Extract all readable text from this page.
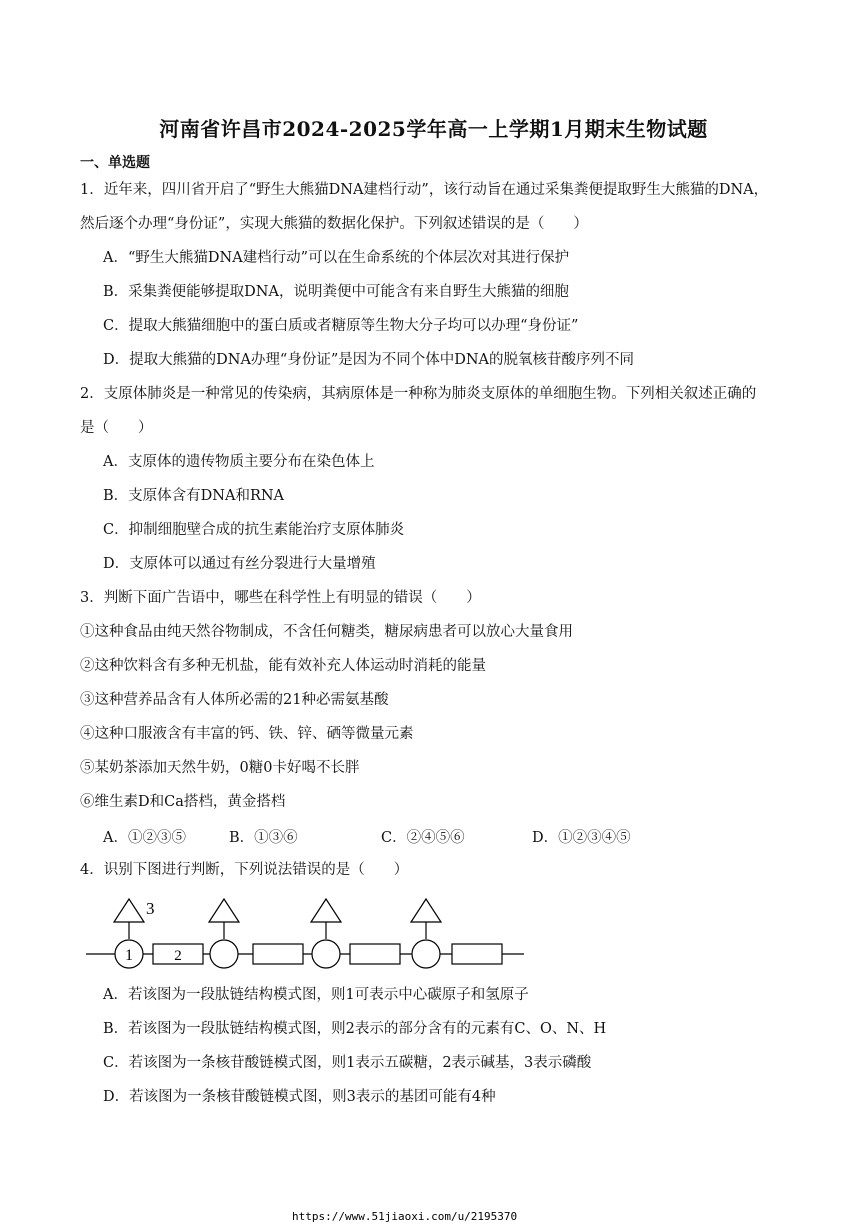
河南省许昌市2024-2025学年高一上学期1月期末生物试题
一、单选题
1．近年来，四川省开启了“野生大熊猫DNA建档行动”，该行动旨在通过采集粪便提取野生大熊猫的DNA，
然后逐个办理“身份证”，实现大熊猫的数据化保护。下列叙述错误的是（　　）
A．“野生大熊猫DNA建档行动”可以在生命系统的个体层次对其进行保护
B．采集粪便能够提取DNA，说明粪便中可能含有来自野生大熊猫的细胞
C．提取大熊猫细胞中的蛋白质或者糖原等生物大分子均可以办理“身份证”
D．提取大熊猫的DNA办理“身份证”是因为不同个体中DNA的脱氧核苷酸序列不同
2．支原体肺炎是一种常见的传染病，其病原体是一种称为肺炎支原体的单细胞生物。下列相关叙述正确的
是（　　）
A．支原体的遗传物质主要分布在染色体上
B．支原体含有DNA和RNA
C．抑制细胞壁合成的抗生素能治疗支原体肺炎
D．支原体可以通过有丝分裂进行大量增殖
3．判断下面广告语中，哪些在科学性上有明显的错误（　　）
①这种食品由纯天然谷物制成，不含任何糖类，糖尿病患者可以放心大量食用
②这种饮料含有多种无机盐，能有效补充人体运动时消耗的能量
③这种营养品含有人体所必需的21种必需氨基酸
④这种口服液含有丰富的钙、铁、锌、硒等微量元素
⑤某奶茶添加天然牛奶，0糖0卡好喝不长胖
⑥维生素D和Ca搭档，黄金搭档
A．①②③⑤	B．①③⑥	C．②④⑤⑥	D．①②③④⑤
4．识别下图进行判断，下列说法错误的是（　　）
1	2
3
A．若该图为一段肽链结构模式图，则1可表示中心碳原子和氢原子
B．若该图为一段肽链结构模式图，则2表示的部分含有的元素有C、O、N、H
C．若该图为一条核苷酸链模式图，则1表示五碳糖，2表示碱基，3表示磷酸
D．若该图为一条核苷酸链模式图，则3表示的基团可能有4种
https://www.51jiaoxi.com/u/2195370
